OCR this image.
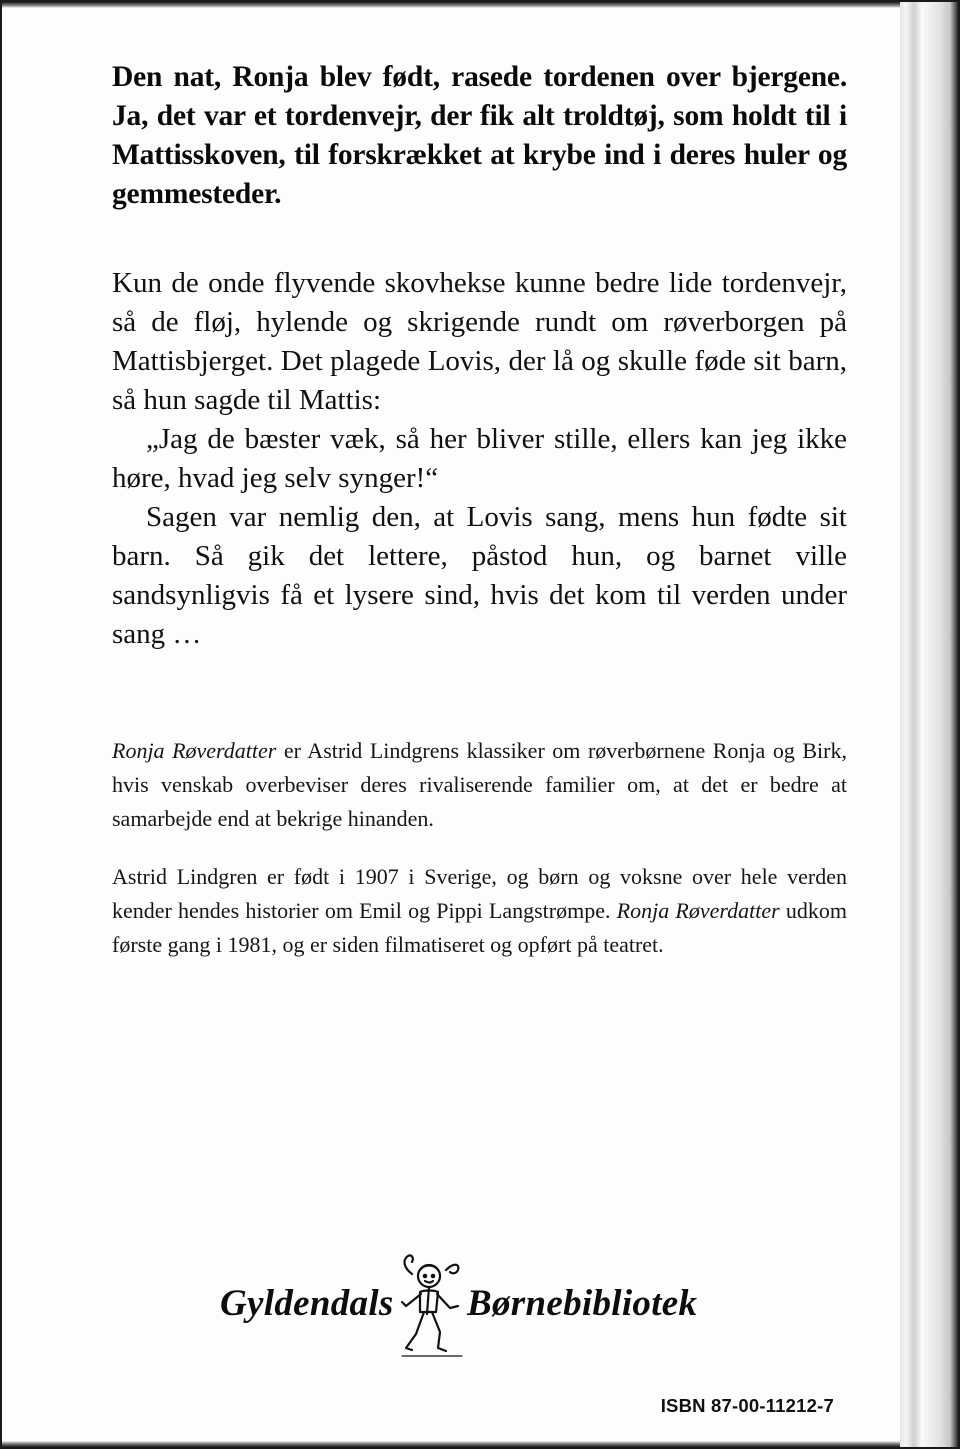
Den nat, Ronja blev født, rasede tordenen over bjergene. Ja, det var et tordenvejr, der fik alt troldtøj, som holdt til i Mattisskoven, til forskrækket at krybe ind i deres huler og gemmesteder.

Kun de onde flyvende skovhekse kunne bedre lide tordenvejr, så de fløj, hylende og skrigende rundt om røverborgen på Mattisbjerget. Det plagede Lovis, der lå og skulle føde sit barn, så hun sagde til Mattis:

„Jag de bæster væk, så her bliver stille, ellers kan jeg ikke høre, hvad jeg selv synger!“

Sagen var nemlig den, at Lovis sang, mens hun fødte sit barn. Så gik det lettere, påstod hun, og barnet ville sandsynligvis få et lysere sind, hvis det kom til verden under sang …

Ronja Røverdatter er Astrid Lindgrens klassiker om røverbørnene Ronja og Birk, hvis venskab overbeviser deres rivaliserende familier om, at det er bedre at samarbejde end at bekrige hinanden.

Astrid Lindgren er født i 1907 i Sverige, og børn og voksne over hele verden kender hendes historier om Emil og Pippi Langstrømpe. Ronja Røverdatter udkom første gang i 1981, og er siden filmatiseret og opført på teatret.

Gyldendals Børnebibliotek
ISBN 87-00-11212-7
